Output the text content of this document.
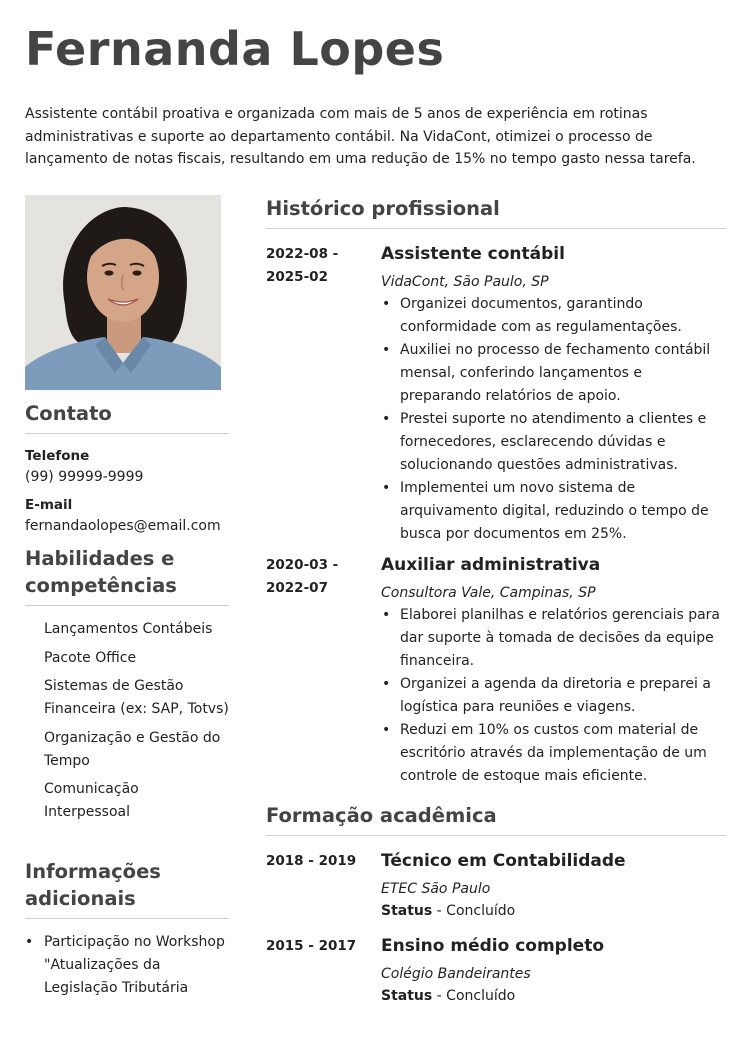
Fernanda Lopes

Assistente contábil proativa e organizada com mais de 5 anos de experiência em rotinas administrativas e suporte ao departamento contábil. Na VidaCont, otimizei o processo de lançamento de notas fiscais, resultando em uma redução de 15% no tempo gasto nessa tarefa.

Contato
Telefone
(99) 99999-9999
E-mail
fernandaolopes@email.com
Habilidades e competências
Lançamentos Contábeis
Pacote Office
Sistemas de Gestão Financeira (ex: SAP, Totvs)
Organização e Gestão do Tempo
Comunicação Interpessoal
Informações adicionais
• Participação no Workshop "Atualizações da Legislação Tributária
Histórico profissional
2022-08 - 2025-02
Assistente contábil
VidaCont, São Paulo, SP
• Organizei documentos, garantindo conformidade com as regulamentações.
• Auxiliei no processo de fechamento contábil mensal, conferindo lançamentos e preparando relatórios de apoio.
• Prestei suporte no atendimento a clientes e fornecedores, esclarecendo dúvidas e solucionando questões administrativas.
• Implementei um novo sistema de arquivamento digital, reduzindo o tempo de busca por documentos em 25%.
2020-03 - 2022-07
Auxiliar administrativa
Consultora Vale, Campinas, SP
• Elaborei planilhas e relatórios gerenciais para dar suporte à tomada de decisões da equipe financeira.
• Organizei a agenda da diretoria e preparei a logística para reuniões e viagens.
• Reduzi em 10% os custos com material de escritório através da implementação de um controle de estoque mais eficiente.
Formação acadêmica
2018 - 2019	Técnico em Contabilidade
ETEC São Paulo
Status - Concluído
2015 - 2017	Ensino médio completo
Colégio Bandeirantes
Status - Concluído
